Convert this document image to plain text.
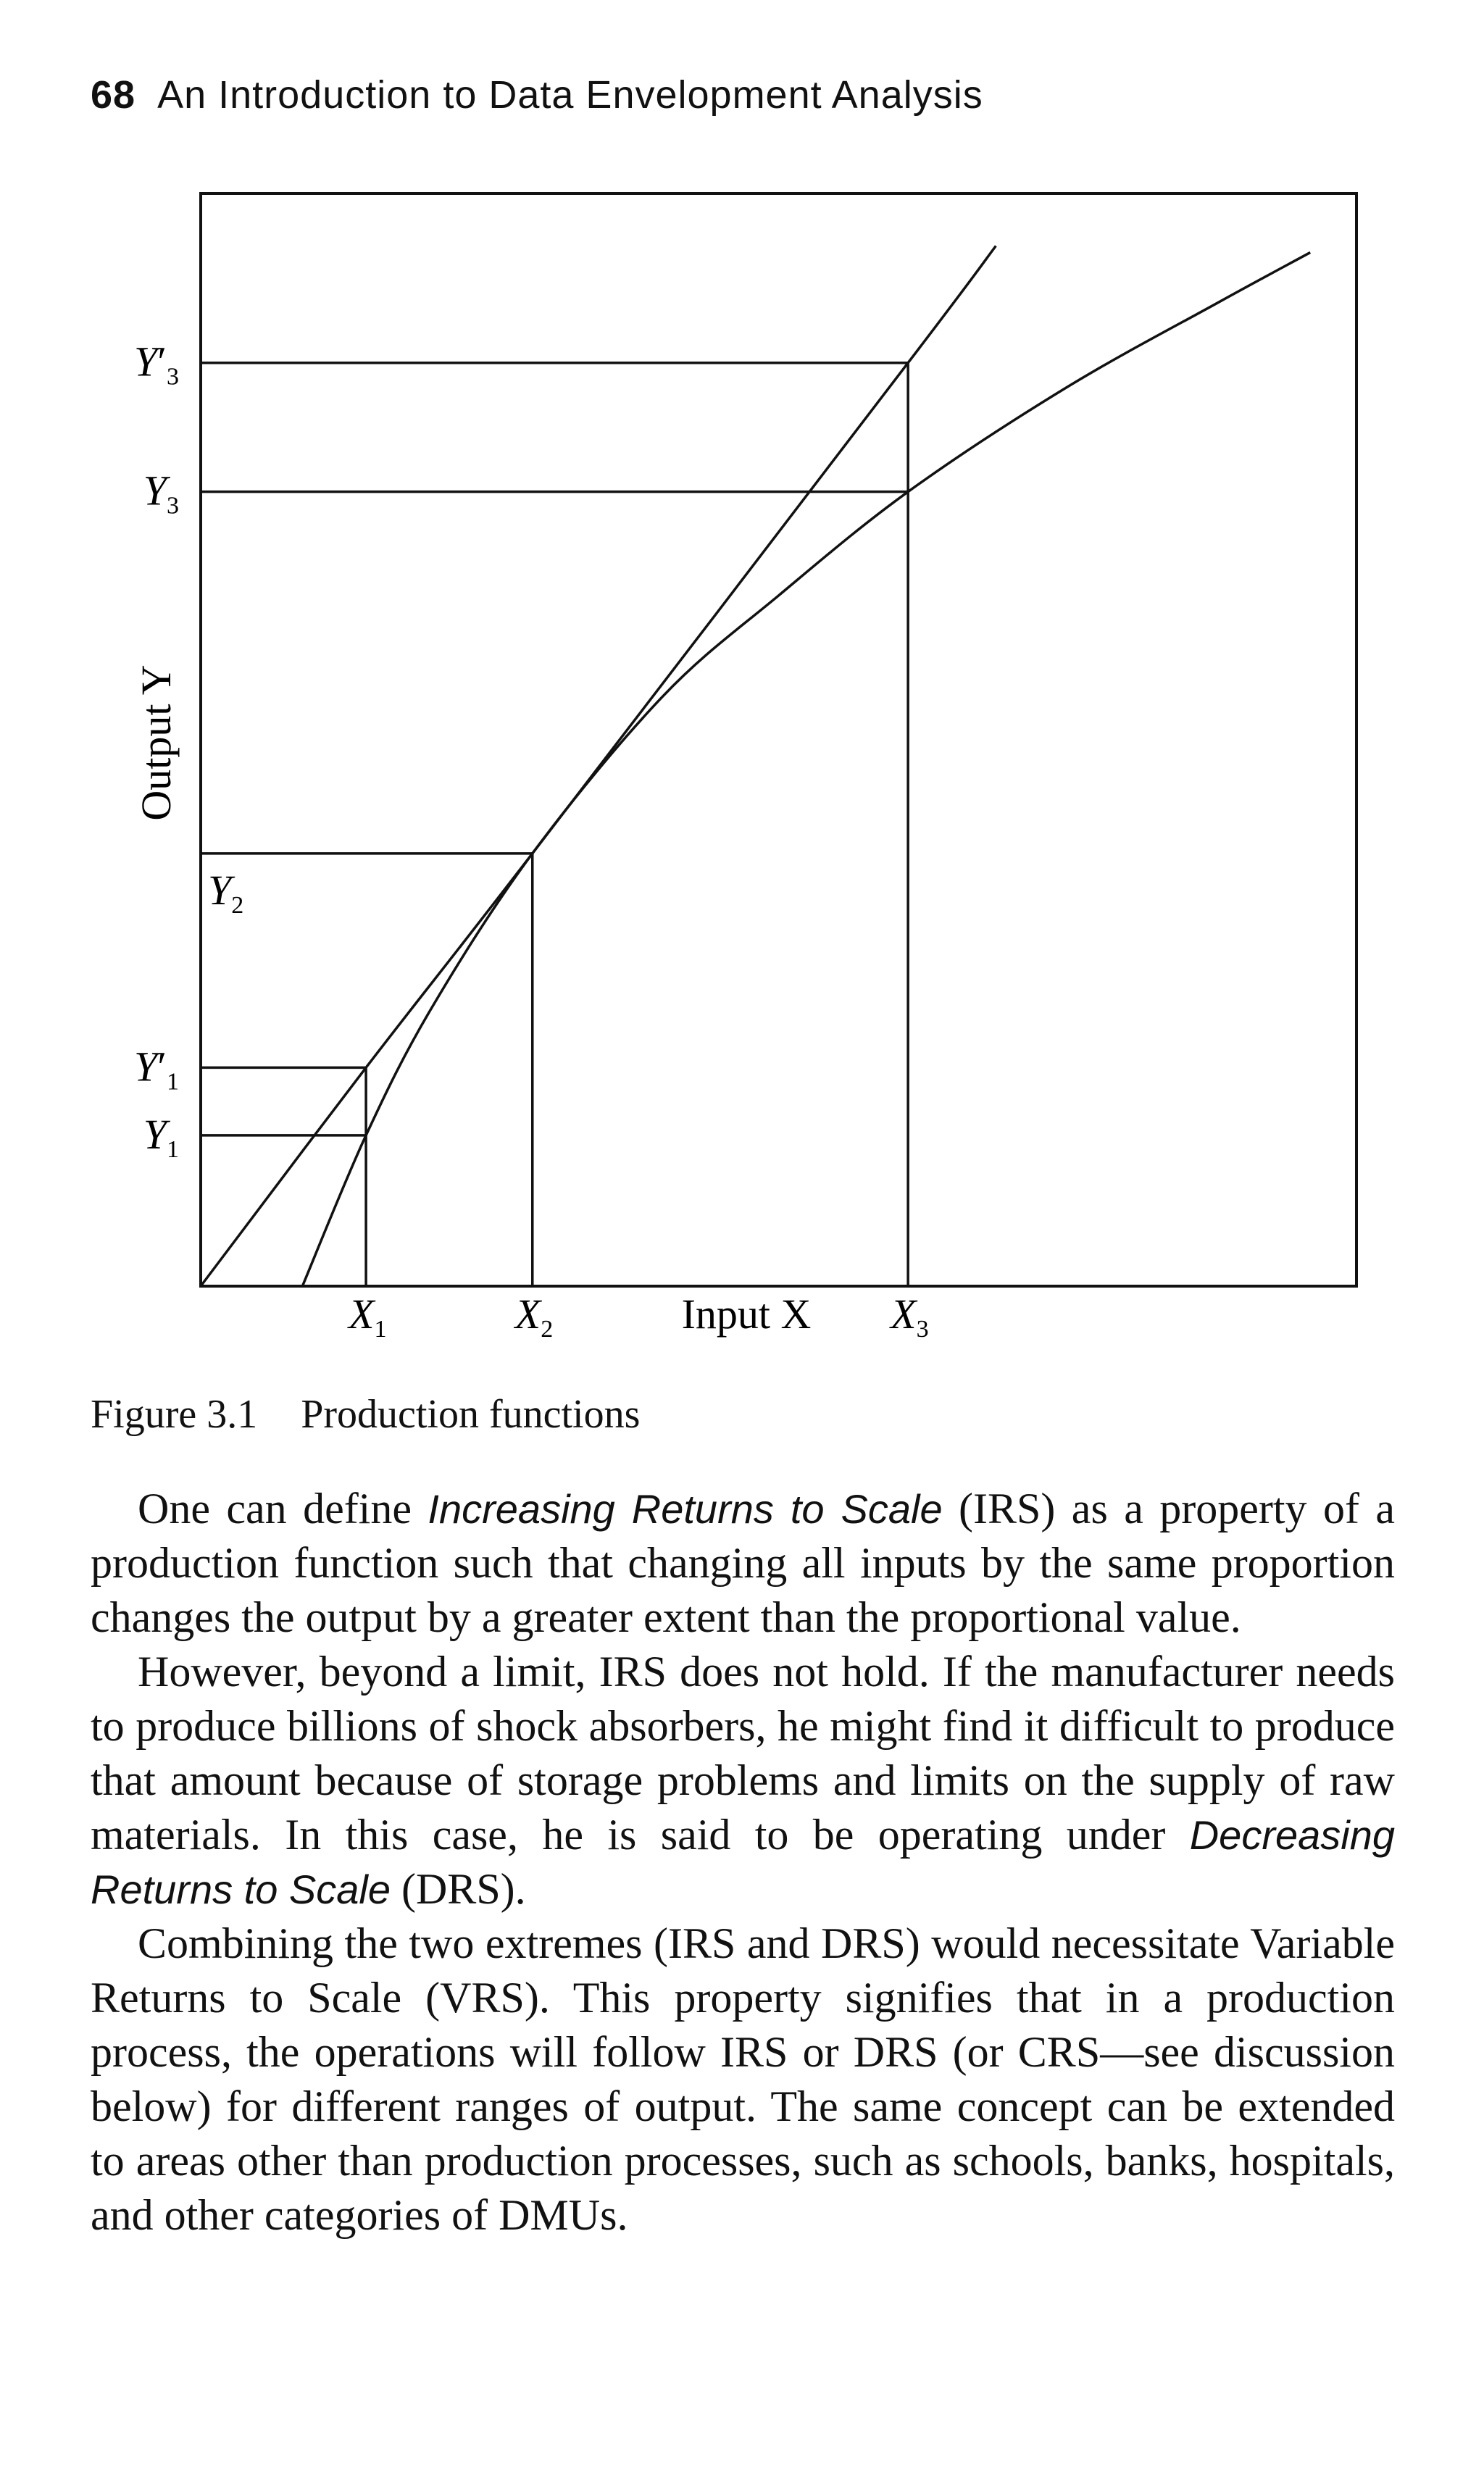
68 An Introduction to Data Envelopment Analysis
$X_1$	$X_2$	$X_3$
$Y_1$
$Y'_1$
$Y_2$
$Y_3$
$Y'_3$
Output Y
Input X
Figure 3.1 Production functions

One can define Increasing Returns to Scale (IRS) as a property of a production function such that changing all inputs by the same proportion changes the output by a greater extent than the proportional value.

However, beyond a limit, IRS does not hold. If the manufacturer needs to produce billions of shock absorbers, he might find it difficult to produce that amount because of storage problems and limits on the supply of raw materials. In this case, he is said to be operating under Decreasing Returns to Scale (DRS).

Combining the two extremes (IRS and DRS) would necessitate Variable Returns to Scale (VRS). This property signifies that in a production process, the operations will follow IRS or DRS (or CRS—see discussion below) for different ranges of output. The same concept can be extended to areas other than production processes, such as schools, banks, hospitals, and other categories of DMUs.
